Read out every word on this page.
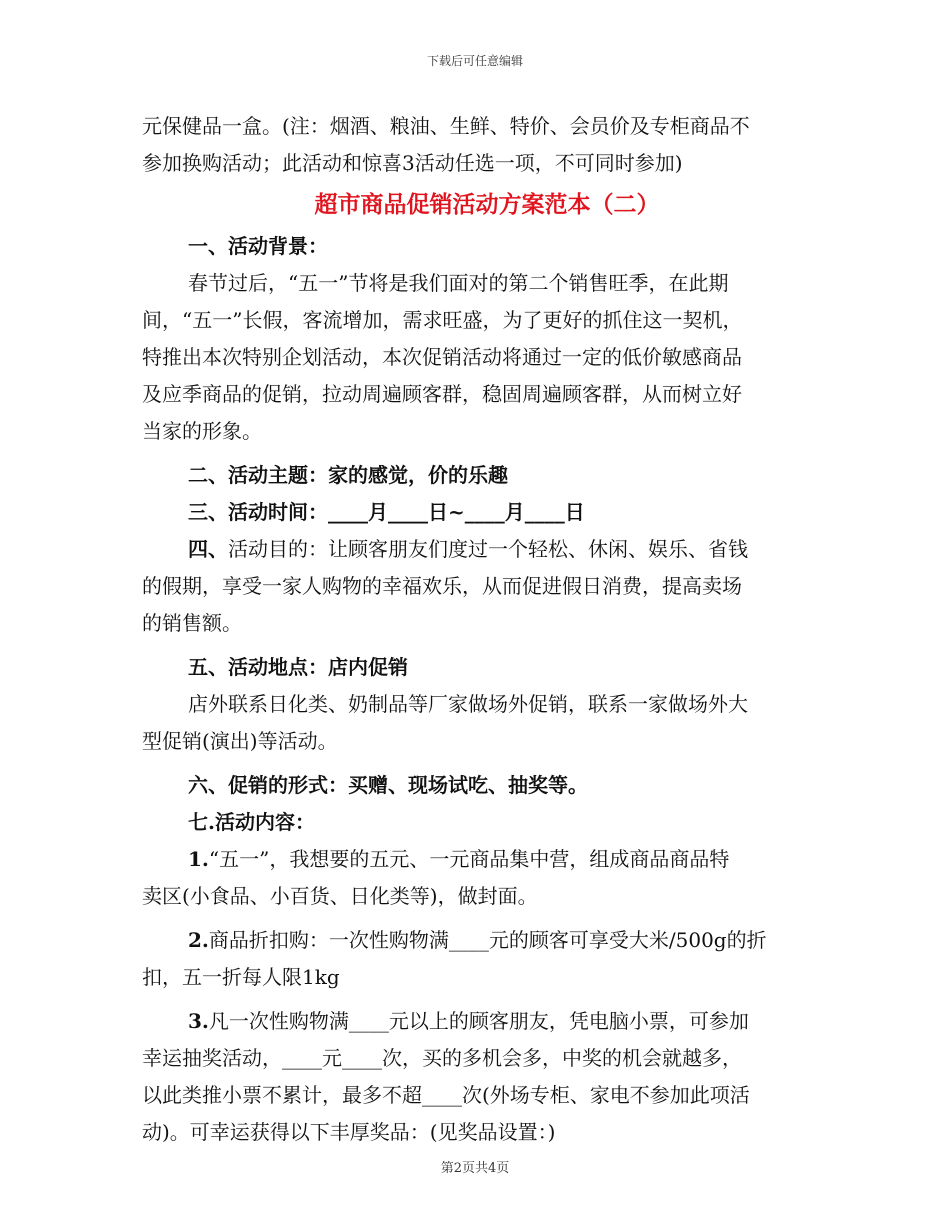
下载后可任意编辑
元保健品一盒。(注：烟酒、粮油、生鲜、特价、会员价及专柜商品不
参加换购活动；此活动和惊喜3活动任选一项，不可同时参加)
超市商品促销活动方案范本（二）
一、活动背景：
春节过后，“五一”节将是我们面对的第二个销售旺季，在此期
间，“五一”长假，客流增加，需求旺盛，为了更好的抓住这一契机，
特推出本次特别企划活动，本次促销活动将通过一定的低价敏感商品
及应季商品的促销，拉动周遍顾客群，稳固周遍顾客群，从而树立好
当家的形象。
二、活动主题：家的感觉，价的乐趣
三、活动时间：____月____日~____月____日
四、活动目的：让顾客朋友们度过一个轻松、休闲、娱乐、省钱
的假期，享受一家人购物的幸福欢乐，从而促进假日消费，提高卖场
的销售额。
五、活动地点：店内促销
店外联系日化类、奶制品等厂家做场外促销，联系一家做场外大
型促销(演出)等活动。
六、促销的形式：买赠、现场试吃、抽奖等。
七.活动内容：
1.“五一”，我想要的五元、一元商品集中营，组成商品商品特
卖区(小食品、小百货、日化类等)，做封面。
2.商品折扣购：一次性购物满____元的顾客可享受大米/500g的折
扣，五一折每人限1kg
3.凡一次性购物满____元以上的顾客朋友，凭电脑小票，可参加
幸运抽奖活动，____元____次，买的多机会多，中奖的机会就越多，
以此类推小票不累计，最多不超____次(外场专柜、家电不参加此项活
动)。可幸运获得以下丰厚奖品：(见奖品设置：)
第2页共4页
